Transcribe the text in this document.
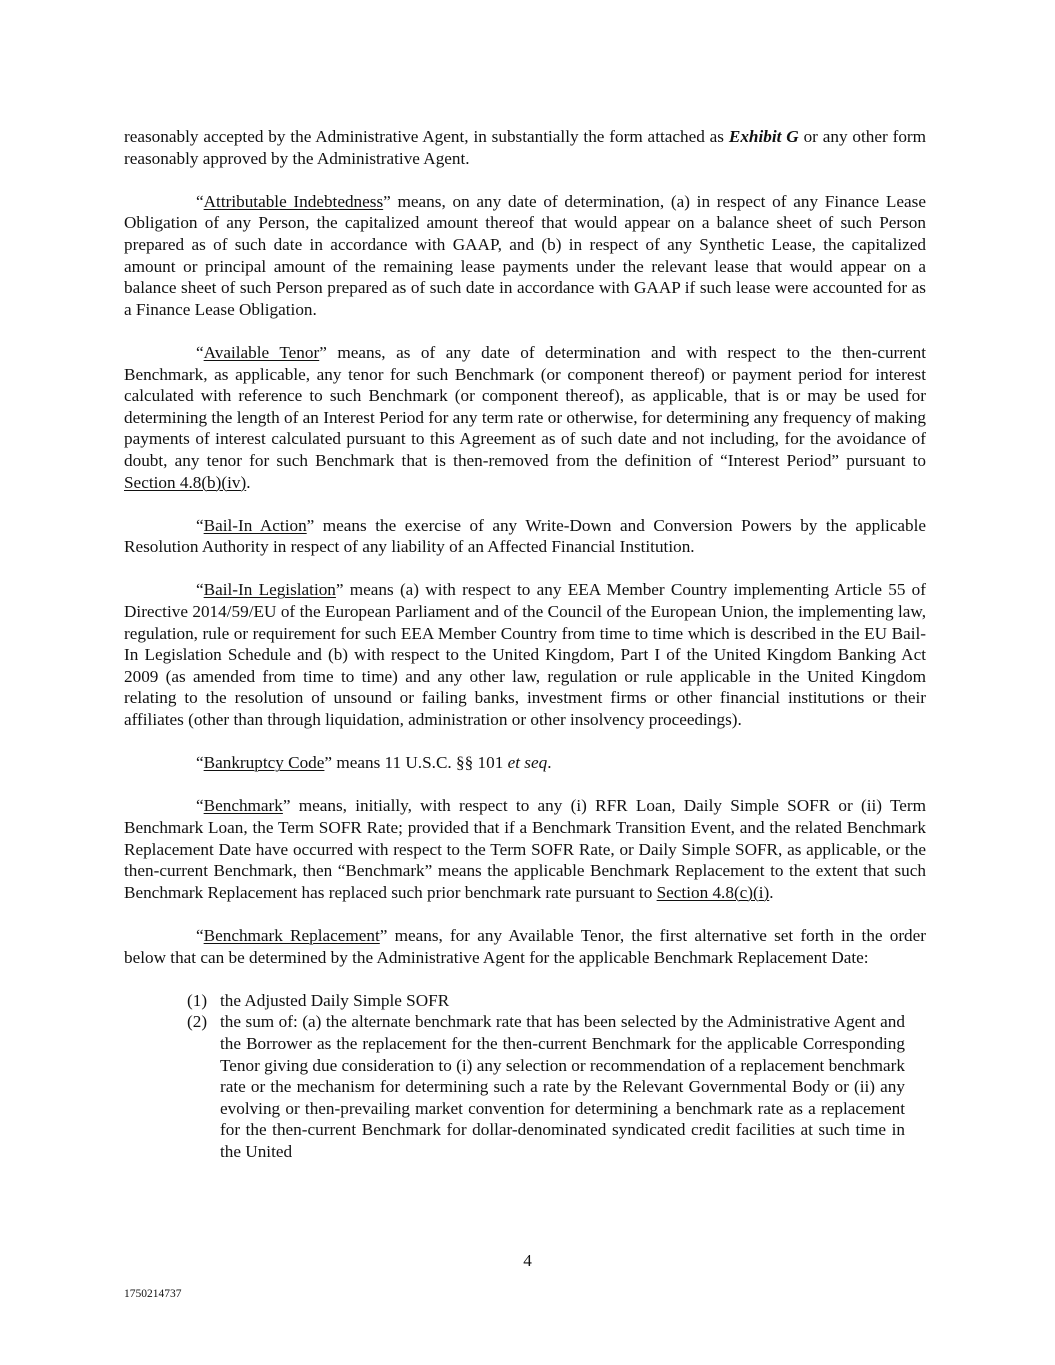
reasonably accepted by the Administrative Agent, in substantially the form attached as Exhibit G or any other form reasonably approved by the Administrative Agent.

“Attributable Indebtedness” means, on any date of determination, (a) in respect of any Finance Lease Obligation of any Person, the capitalized amount thereof that would appear on a balance sheet of such Person prepared as of such date in accordance with GAAP, and (b) in respect of any Synthetic Lease, the capitalized amount or principal amount of the remaining lease payments under the relevant lease that would appear on a balance sheet of such Person prepared as of such date in accordance with GAAP if such lease were accounted for as a Finance Lease Obligation.

“Available Tenor” means, as of any date of determination and with respect to the then-current Benchmark, as applicable, any tenor for such Benchmark (or component thereof) or payment period for interest calculated with reference to such Benchmark (or component thereof), as applicable, that is or may be used for determining the length of an Interest Period for any term rate or otherwise, for determining any frequency of making payments of interest calculated pursuant to this Agreement as of such date and not including, for the avoidance of doubt, any tenor for such Benchmark that is then-removed from the definition of “Interest Period” pursuant to Section 4.8(b)(iv).

“Bail-In Action” means the exercise of any Write-Down and Conversion Powers by the applicable Resolution Authority in respect of any liability of an Affected Financial Institution.

“Bail-In Legislation” means (a) with respect to any EEA Member Country implementing Article 55 of Directive 2014/59/EU of the European Parliament and of the Council of the European Union, the implementing law, regulation, rule or requirement for such EEA Member Country from time to time which is described in the EU Bail-In Legislation Schedule and (b) with respect to the United Kingdom, Part I of the United Kingdom Banking Act 2009 (as amended from time to time) and any other law, regulation or rule applicable in the United Kingdom relating to the resolution of unsound or failing banks, investment firms or other financial institutions or their affiliates (other than through liquidation, administration or other insolvency proceedings).

“Bankruptcy Code” means 11 U.S.C. §§ 101 et seq.

“Benchmark” means, initially, with respect to any (i) RFR Loan, Daily Simple SOFR or (ii) Term Benchmark Loan, the Term SOFR Rate; provided that if a Benchmark Transition Event, and the related Benchmark Replacement Date have occurred with respect to the Term SOFR Rate, or Daily Simple SOFR, as applicable, or the then-current Benchmark, then “Benchmark” means the applicable Benchmark Replacement to the extent that such Benchmark Replacement has replaced such prior benchmark rate pursuant to Section 4.8(c)(i).

“Benchmark Replacement” means, for any Available Tenor, the first alternative set forth in the order below that can be determined by the Administrative Agent for the applicable Benchmark Replacement Date:

(1) the Adjusted Daily Simple SOFR
(2) the sum of: (a) the alternate benchmark rate that has been selected by the Administrative Agent and the Borrower as the replacement for the then-current Benchmark for the applicable Corresponding Tenor giving due consideration to (i) any selection or recommendation of a replacement benchmark rate or the mechanism for determining such a rate by the Relevant Governmental Body or (ii) any evolving or then-prevailing market convention for determining a benchmark rate as a replacement for the then-current Benchmark for dollar-denominated syndicated credit facilities at such time in the United
4
1750214737
